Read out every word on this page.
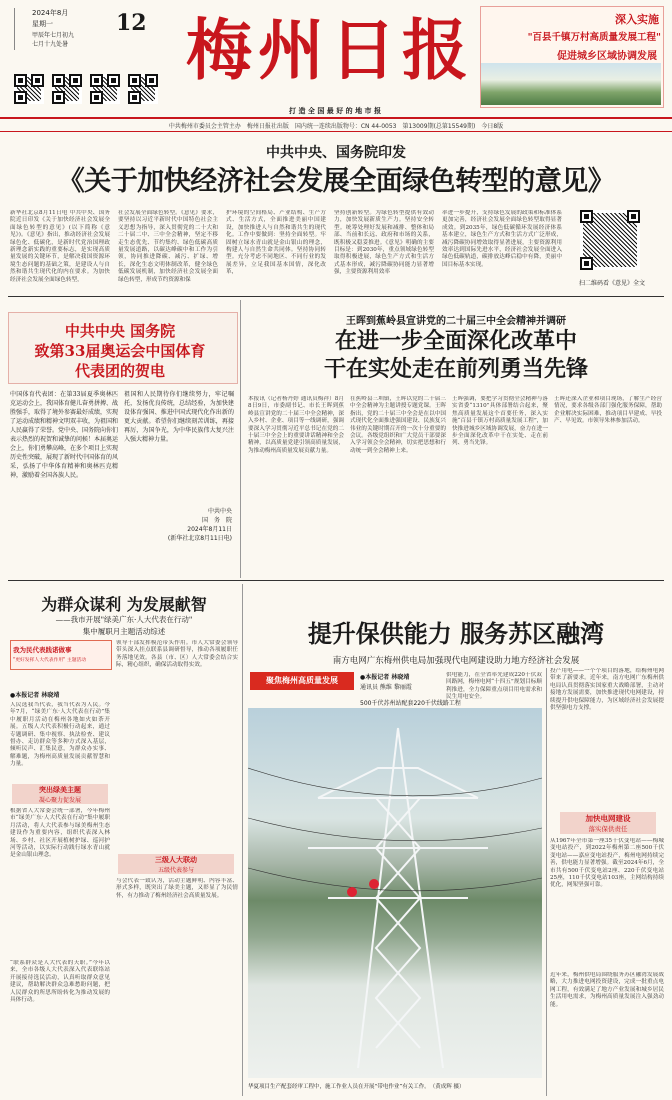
2024年8月
星期一	12
甲辰年七月初九
七月十九处暑 梅州日报
打 造 全 国 最 好 的 地 市 报
深入实施
"百县千镇万村高质量发展工程"
促进城乡区域协调发展
中共梅州市委员会主管主办　梅州日报社出版　国内统一连续出版物号：CN 44-0053　第13009期(总第15549期)　今日8版
中共中央、国务院印发
《关于加快经济社会发展全面绿色转型的意见》
新华社北京8月11日电 中共中央、国务院近日印发《关于加快经济社会发展全面绿色转型的意见》(以下简称《意见》)。《意见》指出，推动经济社会发展绿色化、低碳化，是新时代党治国理政新理念新实践的重要标志，是实现高质量发展的关键环节，是解决我国资源环境生态问题的基础之策，是建设人与自然和谐共生现代化的内在要求。为加快经济社会发展全面绿色转型，
社会发展全面绿色转型。《意见》要求，要坚持以习近平新时代中国特色社会主义思想为指导，深入贯彻党的二十大和二十届二中、三中全会精神，坚定不移走生态优先、节约集约、绿色低碳高质量发展道路，以碳达峰碳中和工作为引领，协同推进降碳、减污、扩绿、增长，深化生态文明体制改革，健全绿色低碳发展机制，加快经济社会发展全面绿色转型，形成节约资源和保
护环境的空间格局、产业结构、生产方式、生活方式，全面推进美丽中国建设，加快推进人与自然和谐共生的现代化。工作中要做到：坚持全面转型。牢固树立绿水青山就是金山银山的理念，构建人与自然生命共同体。坚持协同转型。充分考虑不同地区、不同行业的发展差异，立足我国基本国情，深化改革，
坚持创新转型。为绿色转型提供有效动力，加快发展新质生产力。坚持安全转型。统筹处理好发展和减排、整体和局部、当前和长远、政府和市场的关系，既积极又稳妥推进。《意见》明确的主要目标是：到2030年，重点领域绿色转型取得积极进展，绿色生产方式和生活方式基本形成，减污降碳协同能力显著增强，主要资源利用效率
率进一步提升，支持绿色发展的政策和标准体系更加完善，经济社会发展全面绿色转型取得显著成效。到2035年，绿色低碳循环发展经济体系基本建立，绿色生产方式和生活方式广泛形成，减污降碳协同增效取得显著进展，主要资源利用效率达到国际先进水平，经济社会发展全面进入绿色低碳轨道，碳排放达峰后稳中有降，美丽中国目标基本实现。
扫二维码看《意见》全文
中共中央 国务院
致第33届奥运会中国体育
代表团的贺电
中国体育代表团：在第33届夏季奥林匹克运动会上，我国体育健儿奋勇拼搏、战胜强手，取得了境外参赛最好成绩，实现了运动成绩和精神文明双丰收，为祖国和人民赢得了荣誉。党中央、国务院向你们表示热烈的祝贺和诚挚的问候！本届奥运会上，你们勇攀高峰，在多个项目上实现历史性突破，展现了新时代中国体育的风采，弘扬了中华体育精神和奥林匹克精神，激励着全国各族人民。
祖国和人民期待你们继续努力，牢记嘱托，发扬优良传统，总结经验，为加快建设体育强国、推进中国式现代化作出新的更大贡献。希望你们继续刻苦训练，再接再厉，为国争光，为中华民族伟大复兴注入强大精神力量。
中共中央
国　务　院
2024年8月11日
(新华社北京8月11日电)
王晖到蕉岭县宣讲党的二十届三中全会精神并调研
在进一步全面深化改革中
干在实处走在前列勇当先锋
本报讯（记者杨丹婷 通讯员梅祥）8月8日9日，市委副书记、市长王晖到蕉岭县宣讲党的二十届三中全会精神，深入乡村、企业、项目等一线调研，强调要深入学习贯彻习近平总书记在党的二十届三中全会上的重要讲话精神和全会精神，以高质量党建引领高质量发展，为推动梅州高质量发展贡献力量。
在蕉岭县三圳镇，王晖以党的二十届三中全会精神为主题讲授专题党课。王晖指出，党的二十届三中全会是在以中国式现代化全面推进强国建设、民族复兴伟业的关键时期召开的一次十分重要的会议。各级党组织和广大党员干部要深入学习领会全会精神，切实把思想和行动统一到全会精神上来。
王晖强调，要把学习贯彻全会精神与落实省委“1310”具体部署结合起来，聚焦高质量发展这个首要任务，深入实施“百县千镇万村高质量发展工程”，加快推进城乡区域协调发展，奋力在进一步全面深化改革中干在实处、走在前列、勇当先锋。
王晖还深入企业和项目现场，了解生产经营情况，要求各级各部门强化服务保障，帮助企业解决实际困难，推动项目早建成、早投产、早见效。市领导朱林参加活动。
为群众谋利 为发展献智
——我市开展"绿美广东·人大代表在行动"
集中履职月主题活动综述
我为民代表践诺做事
"更好发挥人大代表作用" 主题活动
●本报记者 林晓靖
人民选我当代表，我当代表为人民。今年7月，“绿美广东·人大代表在行动”集中履职月活动在梅州各地如火如荼开展。五级人大代表积极行动起来，通过专题调研、集中视察、执法检查、建议督办、走访群众等多种方式深入基层，倾听民声、汇集民意，为群众办实事、解难题，为梅州高质量发展贡献智慧和力量。
突出绿美主题
凝心聚力促发展
根据省人大常委会统一部署，今年梅州市“绿美广东·人大代表在行动”集中履职月活动，将人大代表参与绿美梅州生态建设作为重要内容，组织代表深入林场、乡村、社区开展植树护绿、巡河护河等活动，以实际行动践行绿水青山就是金山银山理念。
“联系群众是人大代表的天职。”今年以来，全市各级人大代表深入代表联络站开展接待选民活动，认真听取群众意见建议，帮助解决群众急难愁盼问题，把人民群众的所思所盼转化为推动发展的具体行动。
领导干部发挥模范带头作用。市人大常委会领导带头深入挂点联系县调研督导，推动各项履职任务落地见效。各县（市、区）人大常委会结合实际，精心组织，确保活动取得实效。
三级人大联动
五级代表参与
与会代表一致认为，活动主题鲜明、内容丰富、形式多样，既突出了绿美主题，又彰显了为民情怀，有力推动了梅州经济社会高质量发展。
提升保供能力 服务苏区融湾
南方电网广东梅州供电局加强现代电网建设助力地方经济社会发展
聚焦梅州高质量发展	●本报记者 林晓靖
通讯员 熊维 黎丽霞
供电能力，在全省率先建成220千伏双回路网，梅州电网“十四五”规划目标顺利推进，全力保障重点项目用电需求和民生用电安全。
500千伏苏州站配套220千伏线路工程
华夏项目生产配套经审工程中，施工作业人员在开展“带电作业”有关工作。　（黄成辉 摄）
投产用电——一个个项目的落地，给梅州电网带来了新要求。近年来，南方电网广东梅州供电局认真贯彻落实国家重大战略部署，主动对接地方发展需要，加快推进现代电网建设，持续提升供电保障能力，为区域经济社会发展提供坚强电力支撑。
加快电网建设
落实保供责任
从1967年全市第一座35千伏变电站——梅城变电站投产，到2022年梅州第二座500千伏变电站——嘉应变电站投产，梅州电网持续完善，供电能力显著增强。截至2024年6月，全市共有500千伏变电站2座、220千伏变电站25座，110千伏变电站103座，主网结构持续优化，网架坚强可靠。
近年来，梅州供电局围绕服务苏区融湾发展战略，大力推进电网投资建设，完成一批重点电网工程，有效满足了地方产业发展和城乡居民生活用电需求，为梅州高质量发展注入强劲动能。
